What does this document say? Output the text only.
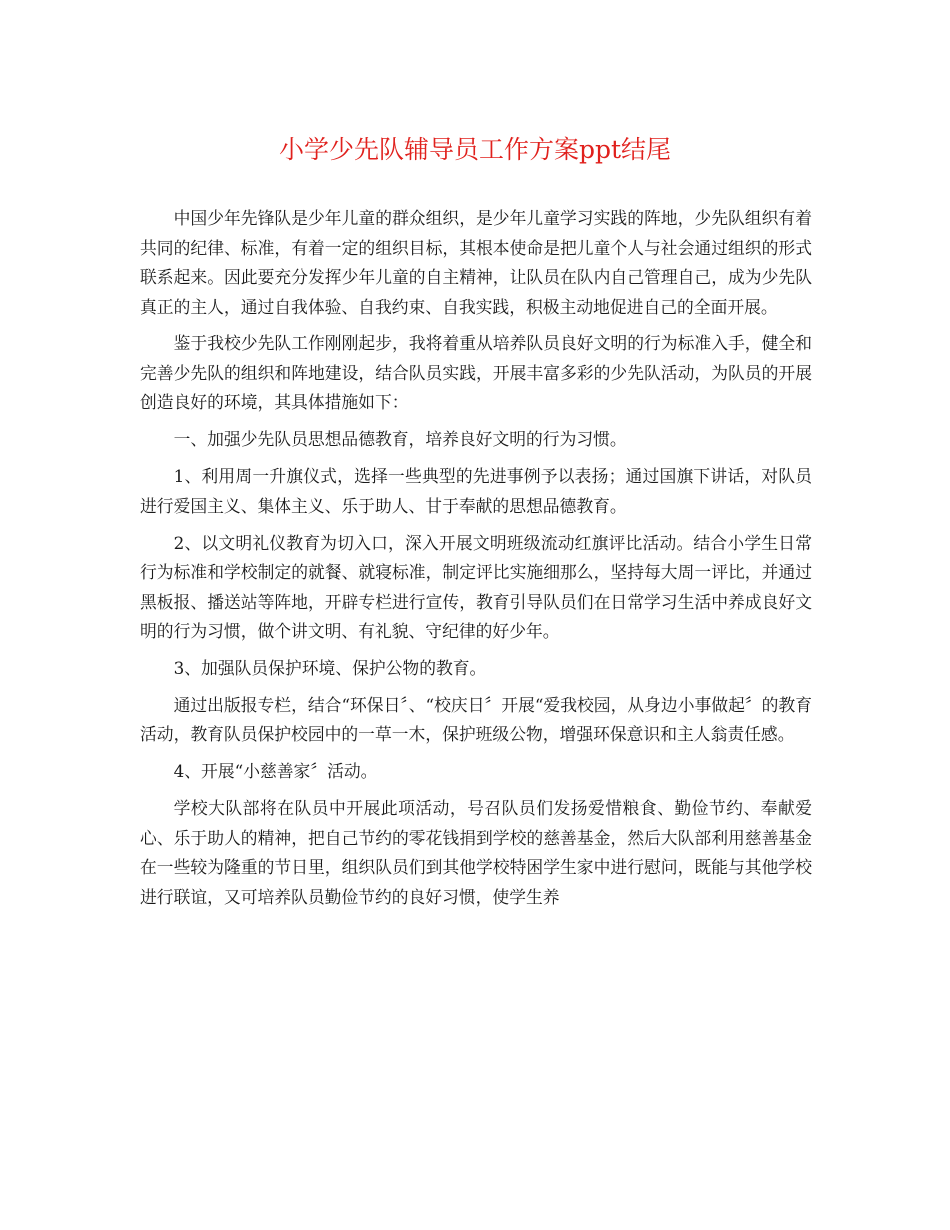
小学少先队辅导员工作方案ppt结尾

中国少年先锋队是少年儿童的群众组织，是少年儿童学习实践的阵地，少先队组织有着共同的纪律、标准，有着一定的组织目标，其根本使命是把儿童个人与社会通过组织的形式联系起来。因此要充分发挥少年儿童的自主精神，让队员在队内自己管理自己，成为少先队真正的主人，通过自我体验、自我约束、自我实践，积极主动地促进自己的全面开展。

鉴于我校少先队工作刚刚起步，我将着重从培养队员良好文明的行为标准入手，健全和完善少先队的组织和阵地建设，结合队员实践，开展丰富多彩的少先队活动，为队员的开展创造良好的环境，其具体措施如下：

一、加强少先队员思想品德教育，培养良好文明的行为习惯。

1、利用周一升旗仪式，选择一些典型的先进事例予以表扬；通过国旗下讲话，对队员进行爱国主义、集体主义、乐于助人、甘于奉献的思想品德教育。

2、以文明礼仪教育为切入口，深入开展文明班级流动红旗评比活动。结合小学生日常行为标准和学校制定的就餐、就寝标准，制定评比实施细那么，坚持每大周一评比，并通过黑板报、播送站等阵地，开辟专栏进行宣传，教育引导队员们在日常学习生活中养成良好文明的行为习惯，做个讲文明、有礼貌、守纪律的好少年。

3、加强队员保护环境、保护公物的教育。

通过出版报专栏，结合“环保日〞、“校庆日〞开展“爱我校园，从身边小事做起〞的教育活动，教育队员保护校园中的一草一木，保护班级公物，增强环保意识和主人翁责任感。

4、开展“小慈善家〞活动。

学校大队部将在队员中开展此项活动，号召队员们发扬爱惜粮食、勤俭节约、奉献爱心、乐于助人的精神，把自己节约的零花钱捐到学校的慈善基金，然后大队部利用慈善基金在一些较为隆重的节日里，组织队员们到其他学校特困学生家中进行慰问，既能与其他学校进行联谊，又可培养队员勤俭节约的良好习惯，使学生养
